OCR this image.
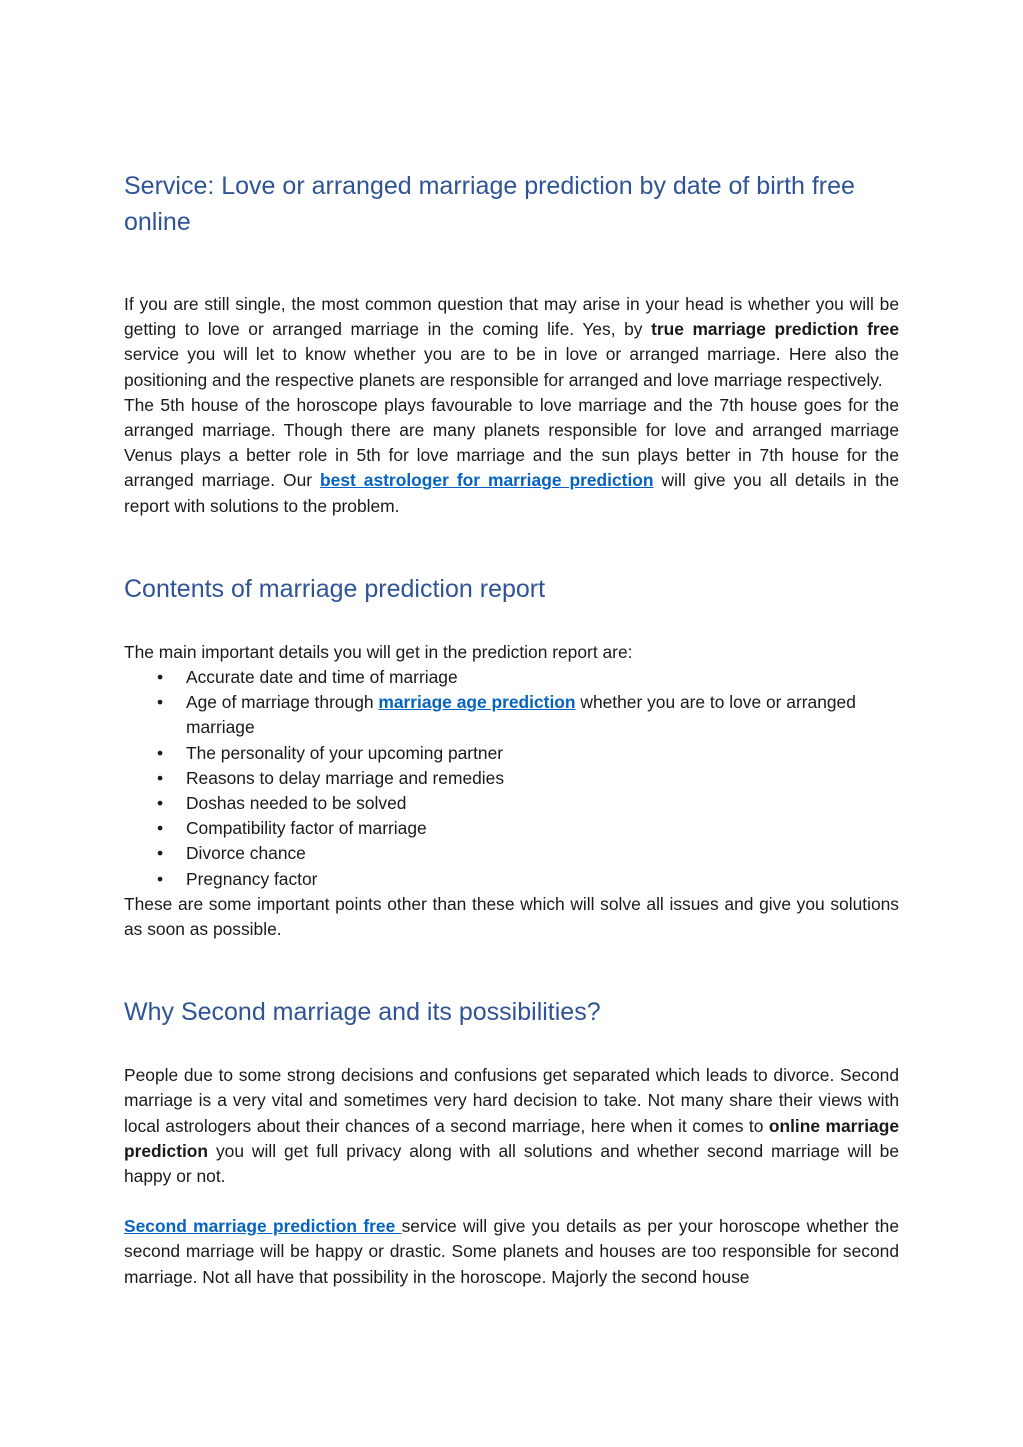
Service: Love or arranged marriage prediction by date of birth free online

If you are still single, the most common question that may arise in your head is whether you will be getting to love or arranged marriage in the coming life. Yes, by true marriage prediction free service you will let to know whether you are to be in love or arranged marriage. Here also the positioning and the respective planets are responsible for arranged and love marriage respectively.

The 5th house of the horoscope plays favourable to love marriage and the 7th house goes for the arranged marriage. Though there are many planets responsible for love and arranged marriage Venus plays a better role in 5th for love marriage and the sun plays better in 7th house for the arranged marriage. Our best astrologer for marriage prediction will give you all details in the report with solutions to the problem.

Contents of marriage prediction report

The main important details you will get in the prediction report are:

• Accurate date and time of marriage
• Age of marriage through marriage age prediction whether you are to love or arranged marriage
• The personality of your upcoming partner
• Reasons to delay marriage and remedies
• Doshas needed to be solved
• Compatibility factor of marriage
• Divorce chance
• Pregnancy factor

These are some important points other than these which will solve all issues and give you solutions as soon as possible.

Why Second marriage and its possibilities?

People due to some strong decisions and confusions get separated which leads to divorce. Second marriage is a very vital and sometimes very hard decision to take. Not many share their views with local astrologers about their chances of a second marriage, here when it comes to online marriage prediction you will get full privacy along with all solutions and whether second marriage will be happy or not.

Second marriage prediction free service will give you details as per your horoscope whether the second marriage will be happy or drastic. Some planets and houses are too responsible for second marriage. Not all have that possibility in the horoscope. Majorly the second house
